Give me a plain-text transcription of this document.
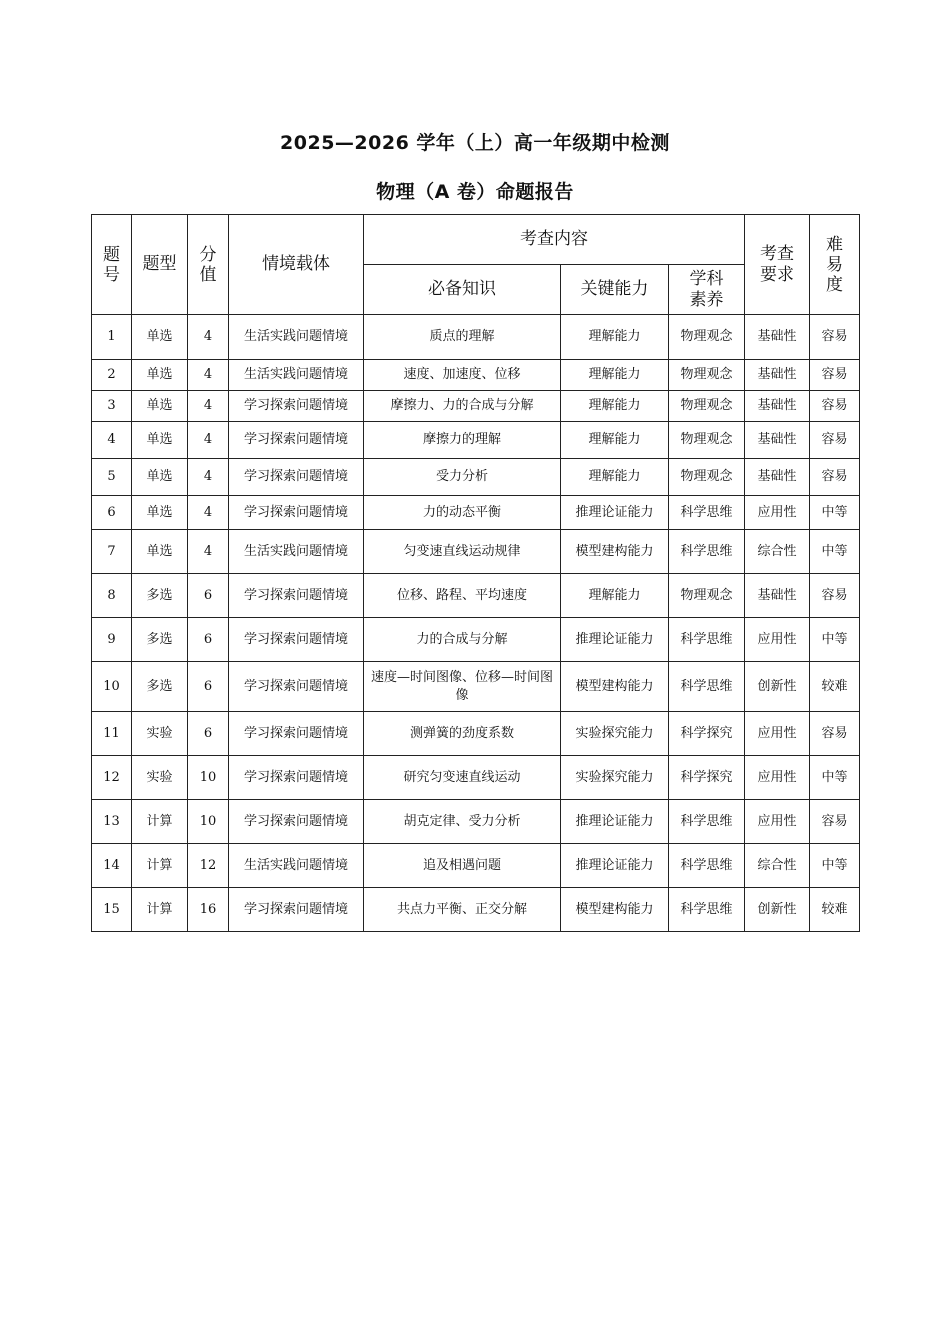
2025—2026 学年（上）高一年级期中检测
物理（A 卷）命题报告
题号	题型	分值	情境载体	考查内容			考查要求	难易度
				必备知识	关键能力	学科素养		
1	单选	4	生活实践问题情境	质点的理解	理解能力	物理观念	基础性	容易
2	单选	4	生活实践问题情境	速度、加速度、位移	理解能力	物理观念	基础性	容易
3	单选	4	学习探索问题情境	摩擦力、力的合成与分解	理解能力	物理观念	基础性	容易
4	单选	4	学习探索问题情境	摩擦力的理解	理解能力	物理观念	基础性	容易
5	单选	4	学习探索问题情境	受力分析	理解能力	物理观念	基础性	容易
6	单选	4	学习探索问题情境	力的动态平衡	推理论证能力	科学思维	应用性	中等
7	单选	4	生活实践问题情境	匀变速直线运动规律	模型建构能力	科学思维	综合性	中等
8	多选	6	学习探索问题情境	位移、路程、平均速度	理解能力	物理观念	基础性	容易
9	多选	6	学习探索问题情境	力的合成与分解	推理论证能力	科学思维	应用性	中等
10	多选	6	学习探索问题情境	速度—时间图像、位移—时间图像	模型建构能力	科学思维	创新性	较难
11	实验	6	学习探索问题情境	测弹簧的劲度系数	实验探究能力	科学探究	应用性	容易
12	实验	10	学习探索问题情境	研究匀变速直线运动	实验探究能力	科学探究	应用性	中等
13	计算	10	学习探索问题情境	胡克定律、受力分析	推理论证能力	科学思维	应用性	容易
14	计算	12	生活实践问题情境	追及相遇问题	推理论证能力	科学思维	综合性	中等
15	计算	16	学习探索问题情境	共点力平衡、正交分解	模型建构能力	科学思维	创新性	较难
